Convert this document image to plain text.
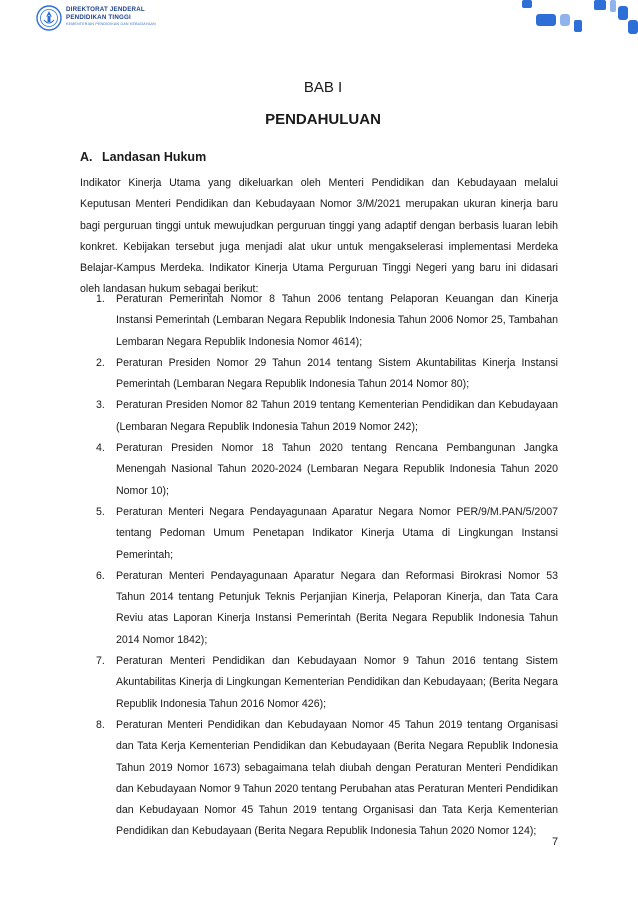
DIREKTORAT JENDERAL
PENDIDIKAN TINGGI
KEMENTERIAN PENDIDIKAN DAN KEBUDAYAAN
BAB I
PENDAHULUAN
A. Landasan Hukum
Indikator Kinerja Utama yang dikeluarkan oleh Menteri Pendidikan dan Kebudayaan melalui Keputusan Menteri Pendidikan dan Kebudayaan Nomor 3/M/2021 merupakan ukuran kinerja baru bagi perguruan tinggi untuk mewujudkan perguruan tinggi yang adaptif dengan berbasis luaran lebih konkret. Kebijakan tersebut juga menjadi alat ukur untuk mengakselerasi implementasi Merdeka Belajar-Kampus Merdeka. Indikator Kinerja Utama Perguruan Tinggi Negeri yang baru ini didasari oleh landasan hukum sebagai berikut:
1. Peraturan Pemerintah Nomor 8 Tahun 2006 tentang Pelaporan Keuangan dan Kinerja Instansi Pemerintah (Lembaran Negara Republik Indonesia Tahun 2006 Nomor 25, Tambahan Lembaran Negara Republik Indonesia Nomor 4614);
2. Peraturan Presiden Nomor 29 Tahun 2014 tentang Sistem Akuntabilitas Kinerja Instansi Pemerintah (Lembaran Negara Republik Indonesia Tahun 2014 Nomor 80);
3. Peraturan Presiden Nomor 82 Tahun 2019 tentang Kementerian Pendidikan dan Kebudayaan (Lembaran Negara Republik Indonesia Tahun 2019 Nomor 242);
4. Peraturan Presiden Nomor 18 Tahun 2020 tentang Rencana Pembangunan Jangka Menengah Nasional Tahun 2020-2024 (Lembaran Negara Republik Indonesia Tahun 2020 Nomor 10);
5. Peraturan Menteri Negara Pendayagunaan Aparatur Negara Nomor PER/9/M.PAN/5/2007 tentang Pedoman Umum Penetapan Indikator Kinerja Utama di Lingkungan Instansi Pemerintah;
6. Peraturan Menteri Pendayagunaan Aparatur Negara dan Reformasi Birokrasi Nomor 53 Tahun 2014 tentang Petunjuk Teknis Perjanjian Kinerja, Pelaporan Kinerja, dan Tata Cara Reviu atas Laporan Kinerja Instansi Pemerintah (Berita Negara Republik Indonesia Tahun 2014 Nomor 1842);
7. Peraturan Menteri Pendidikan dan Kebudayaan Nomor 9 Tahun 2016 tentang Sistem Akuntabilitas Kinerja di Lingkungan Kementerian Pendidikan dan Kebudayaan; (Berita Negara Republik Indonesia Tahun 2016 Nomor 426);
8. Peraturan Menteri Pendidikan dan Kebudayaan Nomor 45 Tahun 2019 tentang Organisasi dan Tata Kerja Kementerian Pendidikan dan Kebudayaan (Berita Negara Republik Indonesia Tahun 2019 Nomor 1673) sebagaimana telah diubah dengan Peraturan Menteri Pendidikan dan Kebudayaan Nomor 9 Tahun 2020 tentang Perubahan atas Peraturan Menteri Pendidikan dan Kebudayaan Nomor 45 Tahun 2019 tentang Organisasi dan Tata Kerja Kementerian Pendidikan dan Kebudayaan (Berita Negara Republik Indonesia Tahun 2020 Nomor 124);
7
